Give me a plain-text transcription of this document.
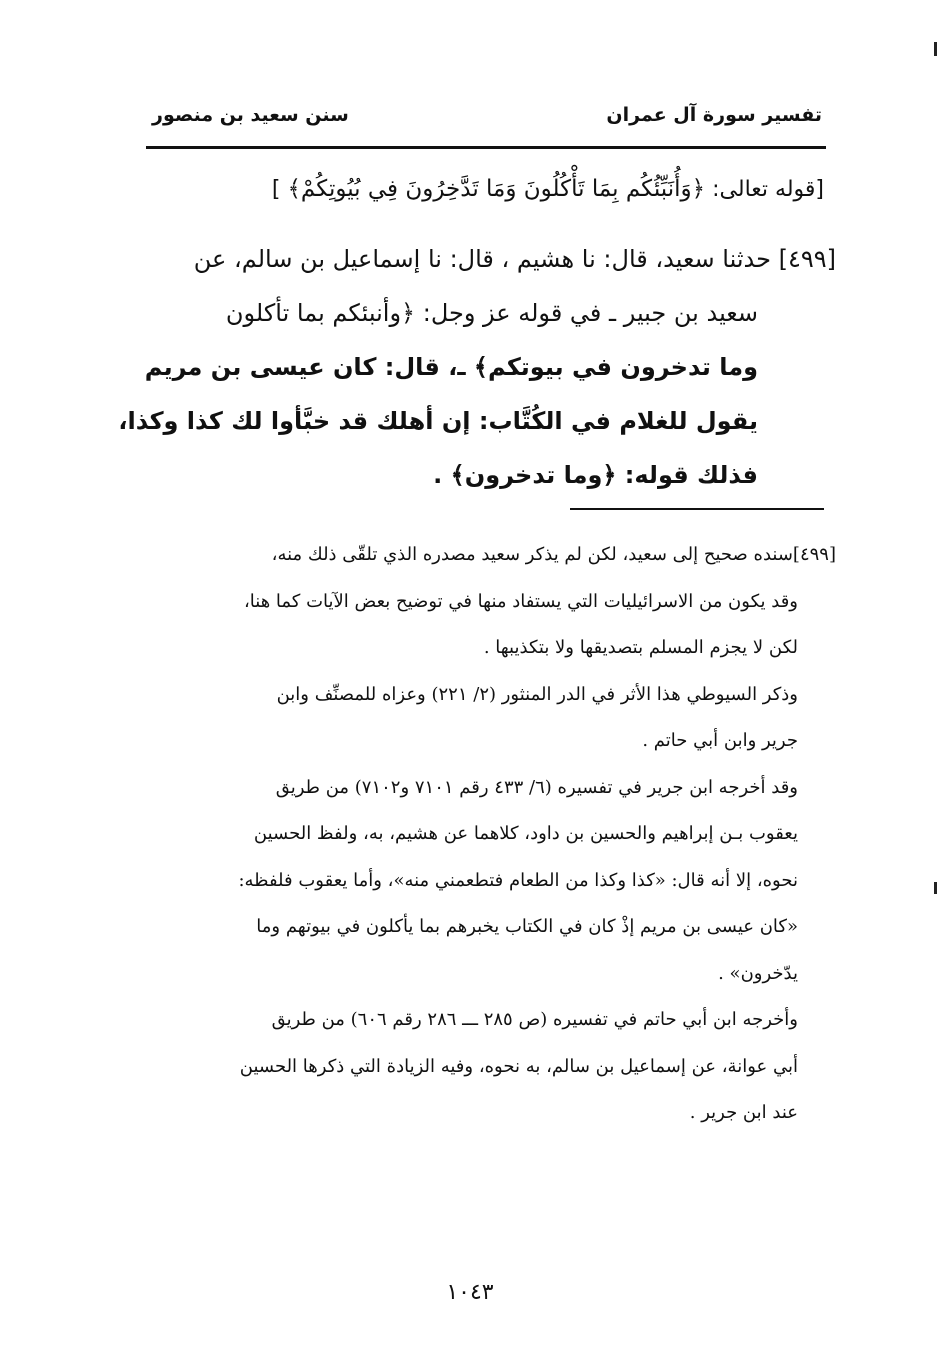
تفسير سورة آل عمران
سنن سعيد بن منصور
[قوله تعالى: ﴿وَأُنَبِّئُكُم بِمَا تَأْكُلُونَ وَمَا تَدَّخِرُونَ فِي بُيُوتِكُمْ﴾ ]
[٤٩٩] حدثنا سعيد، قال: نا هشيم ، قال: نا إسماعيل بن سالم، عن
سعيد بن جبير ـ في قوله عز وجل: ﴿وأنبئكم بما تأكلون
وما تدخرون في بيوتكم﴾ ـ، قال: كان عيسى بن مريم
يقول للغلام في الكُتَّاب: إن أهلك قد خبَّأوا لك كذا وكذا،
فذلك قوله: ﴿وما تدخرون﴾ .
[٤٩٩]سنده صحيح إلى سعيد، لكن لم يذكر سعيد مصدره الذي تلقّى ذلك منه،
وقد يكون من الاسرائيليات التي يستفاد منها في توضيح بعض الآيات كما هنا،
لكن لا يجزم المسلم بتصديقها ولا بتكذيبها .
وذكر السيوطي هذا الأثر في الدر المنثور (٢/ ٢٢١) وعزاه للمصنِّف وابن
جرير وابن أبي حاتم .
وقد أخرجه ابن جرير في تفسيره (٦/ ٤٣٣ رقم ٧١٠١ و٧١٠٢) من طريق
يعقوب بـن إبراهيم والحسين بن داود، كلاهما عن هشيم، به، ولفظ الحسين
نحوه، إلا أنه قال: «كذا وكذا من الطعام فتطعمني منه»، وأما يعقوب فلفظه:
«كان عيسى بن مريم إذْ كان في الكتاب يخبرهم بما يأكلون في بيوتهم وما
يدّخرون» .
وأخرجه ابن أبي حاتم في تفسيره (ص ٢٨٥ ـــ ٢٨٦ رقم ٦٠٦) من طريق
أبي عوانة، عن إسماعيل بن سالم، به نحوه، وفيه الزيادة التي ذكرها الحسين
عند ابن جرير .
١٠٤٣
